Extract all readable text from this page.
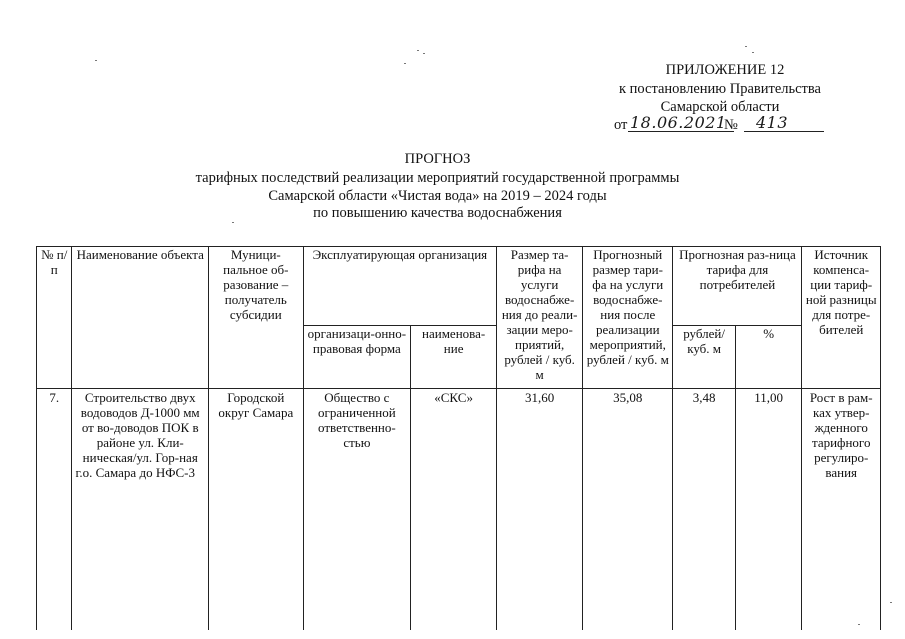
ПРИЛОЖЕНИЕ 12
к постановлению Правительства
Самарской области
от 18.06.2021
№ 413
ПРОГНОЗ
тарифных последствий реализации мероприятий государственной программы
Самарской области «Чистая вода» на 2019 – 2024 годы
по повышению качества водоснабжения
№ п/п	Наименование объекта	Муници-пальное об-разование – получатель субсидии	Эксплуатирующая организация		Размер та-рифа на услуги водоснабже-ния до реали-зации меро-приятий, рублей / куб. м	Прогнозный размер тари-фа на услуги водоснабже-ния после реализации мероприятий, рублей / куб. м	Прогнозная раз-ница тарифа для потребителей		Источник компенса-ции тариф-ной разницы для потре-бителей
			организаци-онно-правовая форма	наименова-ние			рублей/ куб. м	%	
7.	Строительство двух водоводов Д-1000 мм от во-доводов ПОК в районе ул. Кли-ническая/ул. Гор-ная г.о. Самара до НФС-3	Городской округ Самара	Общество с ограниченной ответственно-стью	«СКС»	31,60	35,08	3,48	11,00	Рост в рам-ках утвер-жденного тарифного регулиро-вания
